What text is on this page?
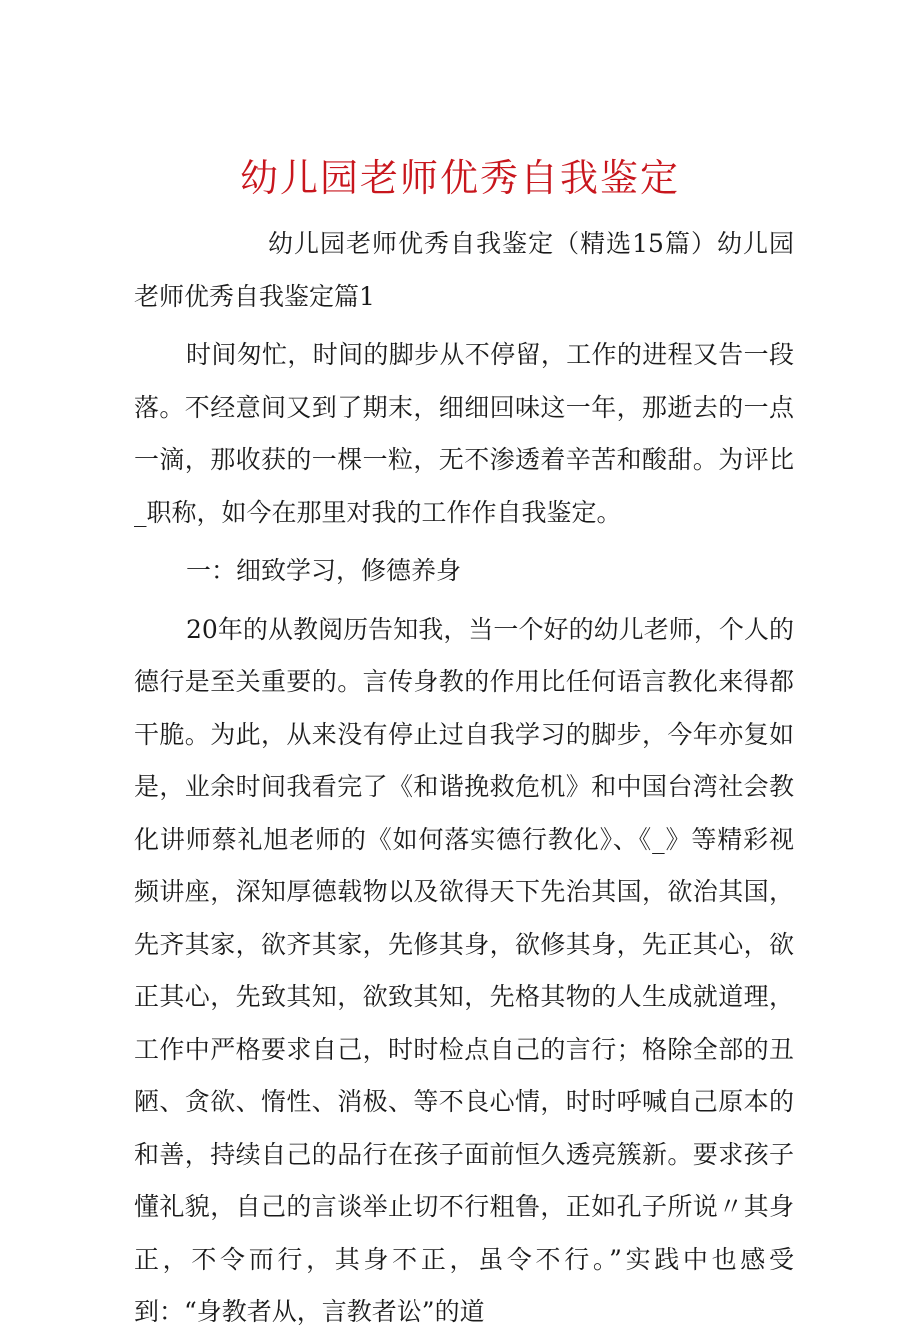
幼儿园老师优秀自我鉴定

幼儿园老师优秀自我鉴定（精选15篇）幼儿园老师优秀自我鉴定篇1

时间匆忙，时间的脚步从不停留，工作的进程又告一段落。不经意间又到了期末，细细回味这一年，那逝去的一点一滴，那收获的一棵一粒，无不渗透着辛苦和酸甜。为评比_职称，如今在那里对我的工作作自我鉴定。

一：细致学习，修德养身

20年的从教阅历告知我，当一个好的幼儿老师，个人的德行是至关重要的。言传身教的作用比任何语言教化来得都干脆。为此，从来没有停止过自我学习的脚步，今年亦复如是，业余时间我看完了《和谐挽救危机》和中国台湾社会教化讲师蔡礼旭老师的《如何落实德行教化》、《_》等精彩视频讲座，深知厚德载物以及欲得天下先治其国，欲治其国，先齐其家，欲齐其家，先修其身，欲修其身，先正其心，欲正其心，先致其知，欲致其知，先格其物的人生成就道理，工作中严格要求自己，时时检点自己的言行；格除全部的丑陋、贪欲、惰性、消极、等不良心情，时时呼喊自己原本的和善，持续自己的品行在孩子面前恒久透亮簇新。要求孩子懂礼貌，自己的言谈举止切不行粗鲁，正如孔子所说〃其身正，不令而行，其身不正，虽令不行。”实践中也感受到：“身教者从，言教者讼”的道
